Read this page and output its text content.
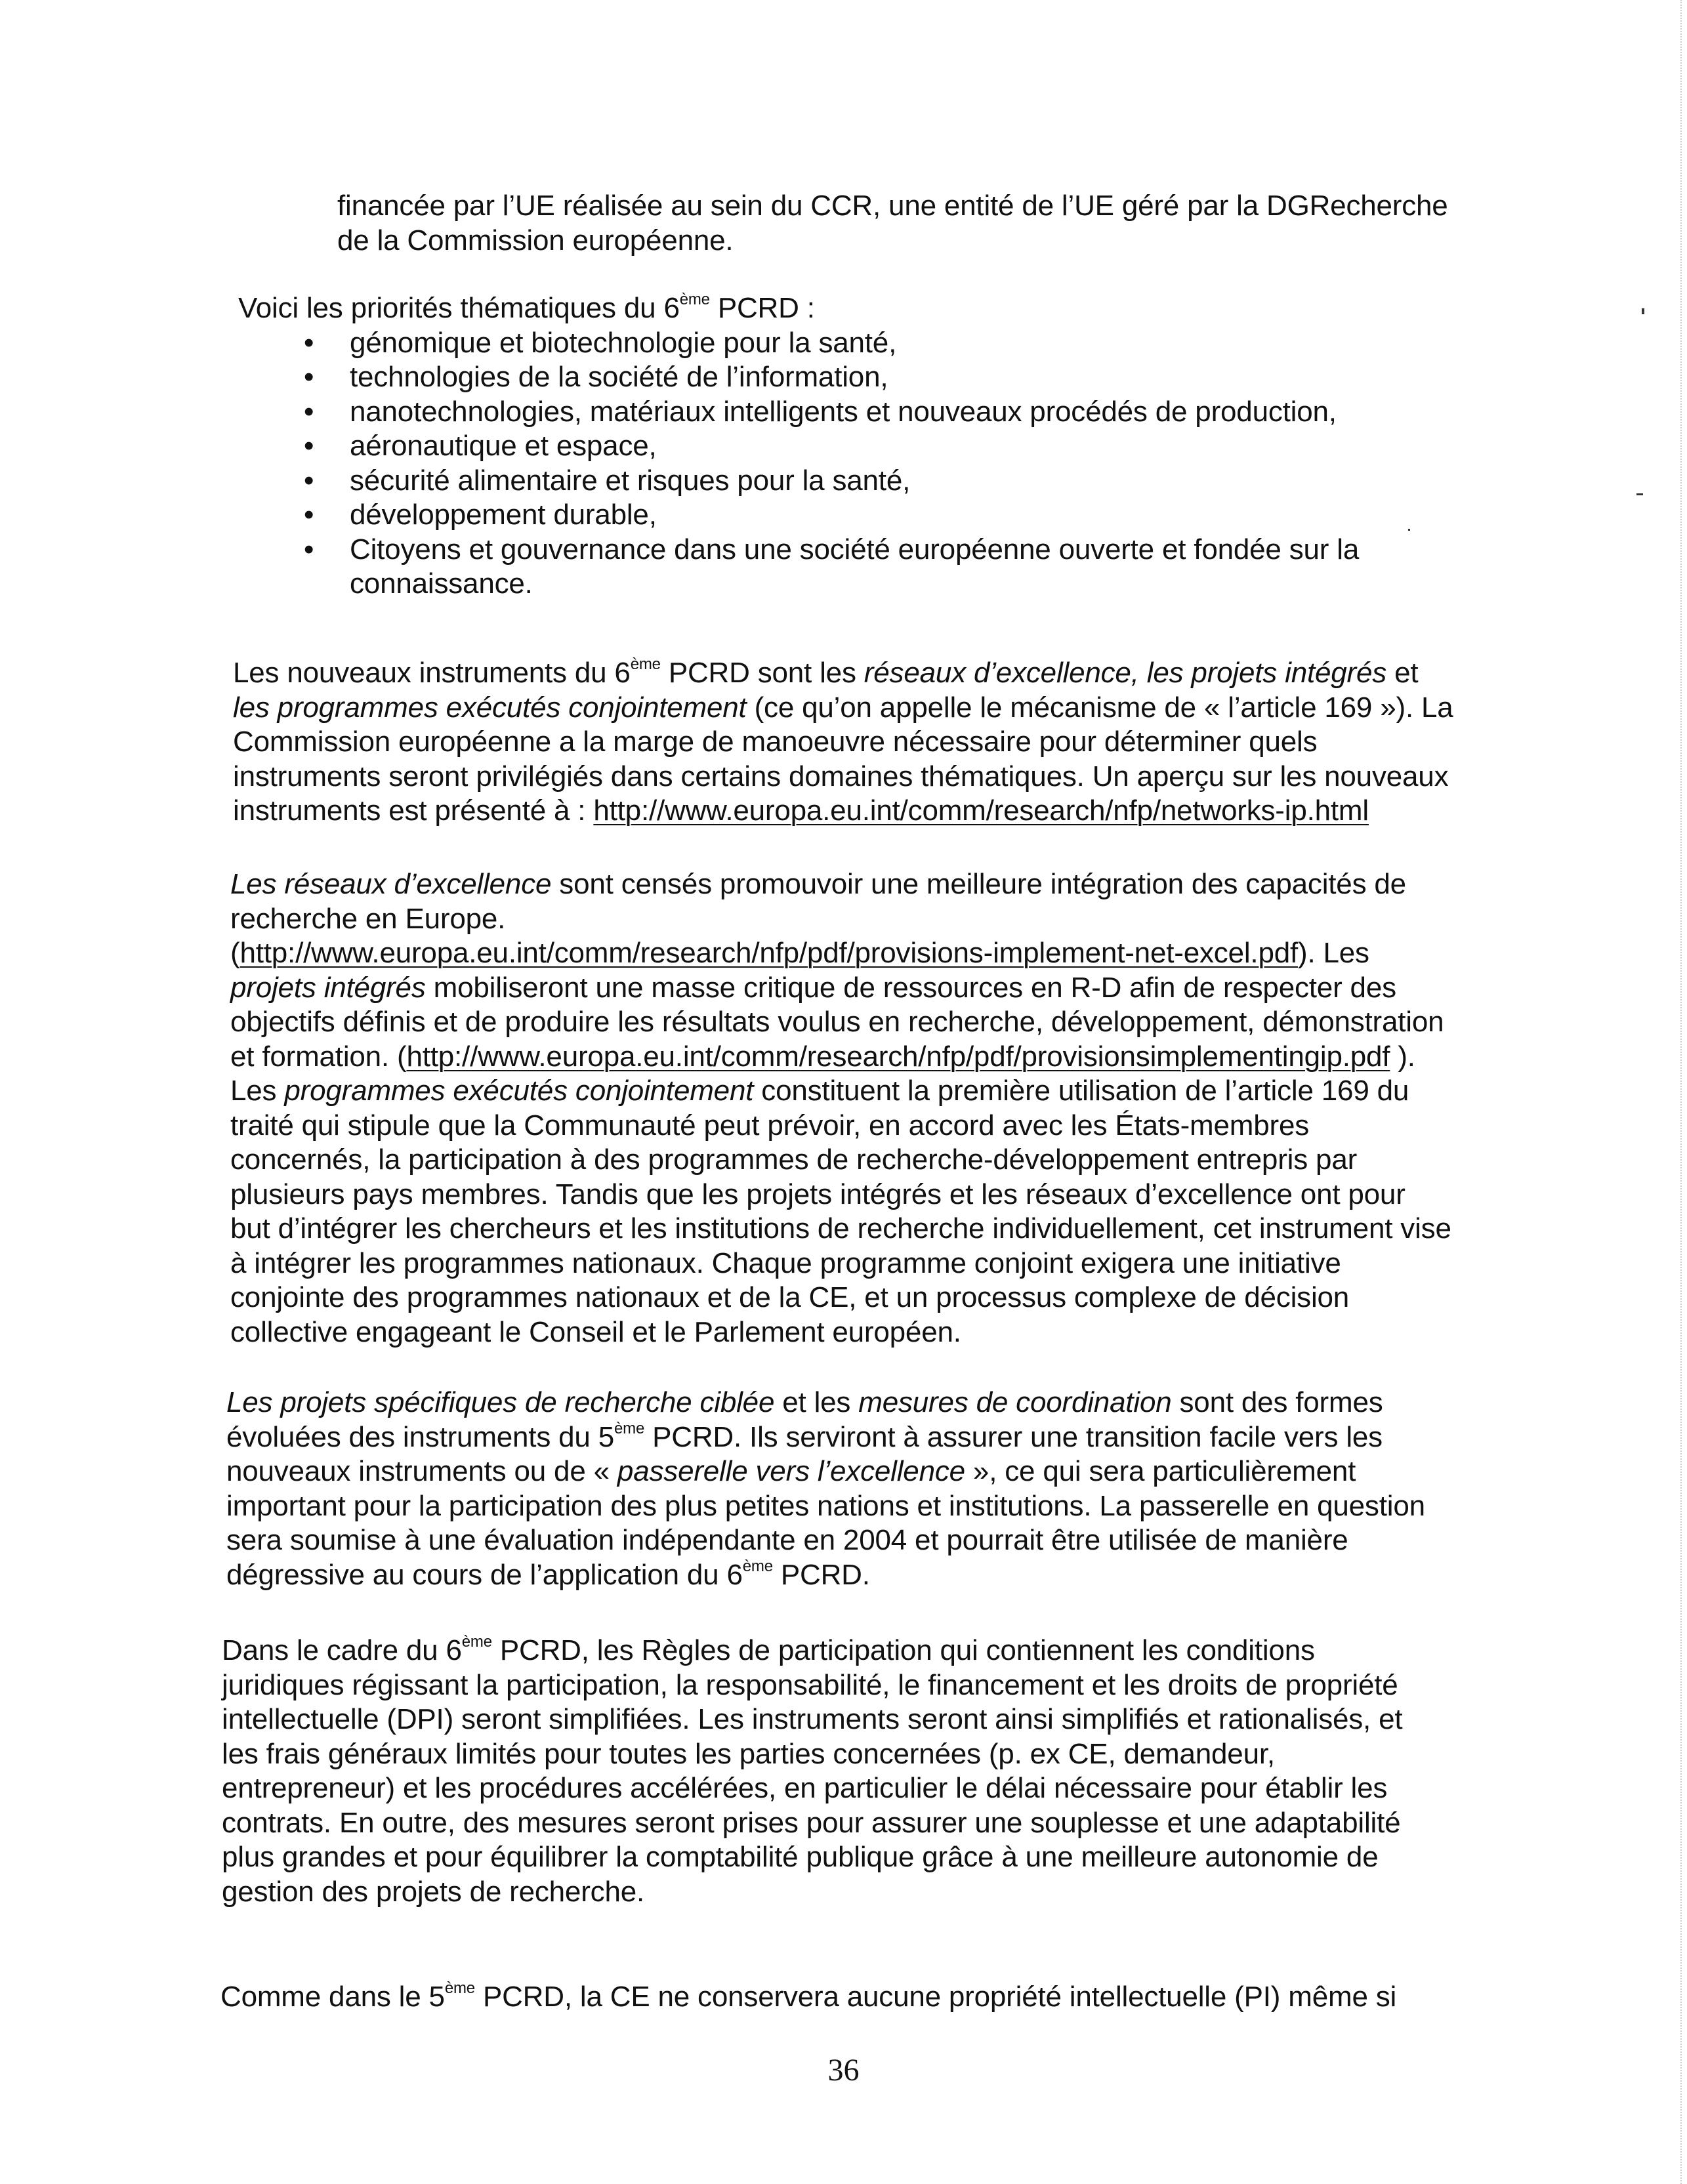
financée par l’UE réalisée au sein du CCR, une entité de l’UE géré par la DGRecherche

de la Commission européenne.

Voici les priorités thématiques du 6ème PCRD :

• génomique et biotechnologie pour la santé,
• technologies de la société de l’information,
• nanotechnologies, matériaux intelligents et nouveaux procédés de production,
• aéronautique et espace,
• sécurité alimentaire et risques pour la santé,
• développement durable,
• Citoyens et gouvernance dans une société européenne ouverte et fondée sur la
connaissance.

Les nouveaux instruments du 6ème PCRD sont les réseaux d’excellence, les projets intégrés et

les programmes exécutés conjointement (ce qu’on appelle le mécanisme de « l’article 169 »). La

Commission européenne a la marge de manoeuvre nécessaire pour déterminer quels

instruments seront privilégiés dans certains domaines thématiques. Un aperçu sur les nouveaux

instruments est présenté à : http://www.europa.eu.int/comm/research/nfp/networks-ip.html

Les réseaux d’excellence sont censés promouvoir une meilleure intégration des capacités de

recherche en Europe.

(http://www.europa.eu.int/comm/research/nfp/pdf/provisions-implement-net-excel.pdf). Les

projets intégrés mobiliseront une masse critique de ressources en R-D afin de respecter des

objectifs définis et de produire les résultats voulus en recherche, développement, démonstration

et formation. (http://www.europa.eu.int/comm/research/nfp/pdf/provisionsimplementingip.pdf ).

Les programmes exécutés conjointement constituent la première utilisation de l’article 169 du

traité qui stipule que la Communauté peut prévoir, en accord avec les États-membres

concernés, la participation à des programmes de recherche-développement entrepris par

plusieurs pays membres. Tandis que les projets intégrés et les réseaux d’excellence ont pour

but d’intégrer les chercheurs et les institutions de recherche individuellement, cet instrument vise

à intégrer les programmes nationaux. Chaque programme conjoint exigera une initiative

conjointe des programmes nationaux et de la CE, et un processus complexe de décision

collective engageant le Conseil et le Parlement européen.

Les projets spécifiques de recherche ciblée et les mesures de coordination sont des formes

évoluées des instruments du 5ème PCRD. Ils serviront à assurer une transition facile vers les

nouveaux instruments ou de « passerelle vers l’excellence », ce qui sera particulièrement

important pour la participation des plus petites nations et institutions. La passerelle en question

sera soumise à une évaluation indépendante en 2004 et pourrait être utilisée de manière

dégressive au cours de l’application du 6ème PCRD.

Dans le cadre du 6ème PCRD, les Règles de participation qui contiennent les conditions

juridiques régissant la participation, la responsabilité, le financement et les droits de propriété

intellectuelle (DPI) seront simplifiées. Les instruments seront ainsi simplifiés et rationalisés, et

les frais généraux limités pour toutes les parties concernées (p. ex CE, demandeur,

entrepreneur) et les procédures accélérées, en particulier le délai nécessaire pour établir les

contrats. En outre, des mesures seront prises pour assurer une souplesse et une adaptabilité

plus grandes et pour équilibrer la comptabilité publique grâce à une meilleure autonomie de

gestion des projets de recherche.

Comme dans le 5ème PCRD, la CE ne conservera aucune propriété intellectuelle (PI) même si

36
